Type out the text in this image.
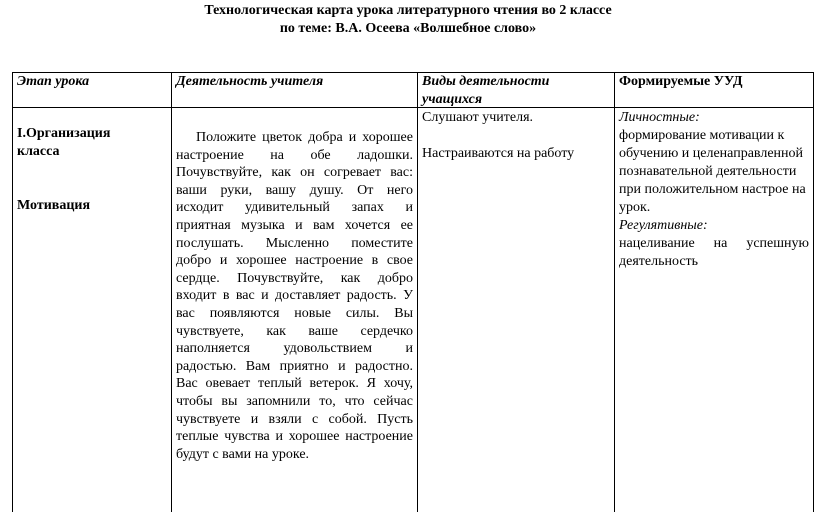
Технологическая карта урока литературного чтения во 2 классе
по теме: В.А. Осеева «Волшебное слово»
Этап урока	Деятельность учителя	Виды деятельности учащихся
Формируемые УУД
I.Организация класса
Мотивация
Положите цветок добра и хорошее настроение на обе ладошки. Почувствуйте, как он согревает вас: ваши руки, вашу душу. От него исходит удивительный запах и приятная музыка и вам хочется ее послушать. Мысленно поместите добро и хорошее настроение в свое сердце. Почувствуйте, как добро входит в вас и доставляет радость. У вас появляются новые силы. Вы чувствуете, как ваше сердечко наполняется удовольствием и радостью. Вам приятно и радостно. Вас овевает теплый ветерок. Я хочу, чтобы вы запомнили то, что сейчас чувствуете и взяли с собой. Пусть теплые чувства и хорошее настроение будут с вами на уроке.
Слушают учителя.
Настраиваются на работу
Личностные:
формирование мотивации к обучению и целенаправленной познавательной деятельности при положительном настрое на урок.
Регулятивные:
нацеливание на успешную деятельность
